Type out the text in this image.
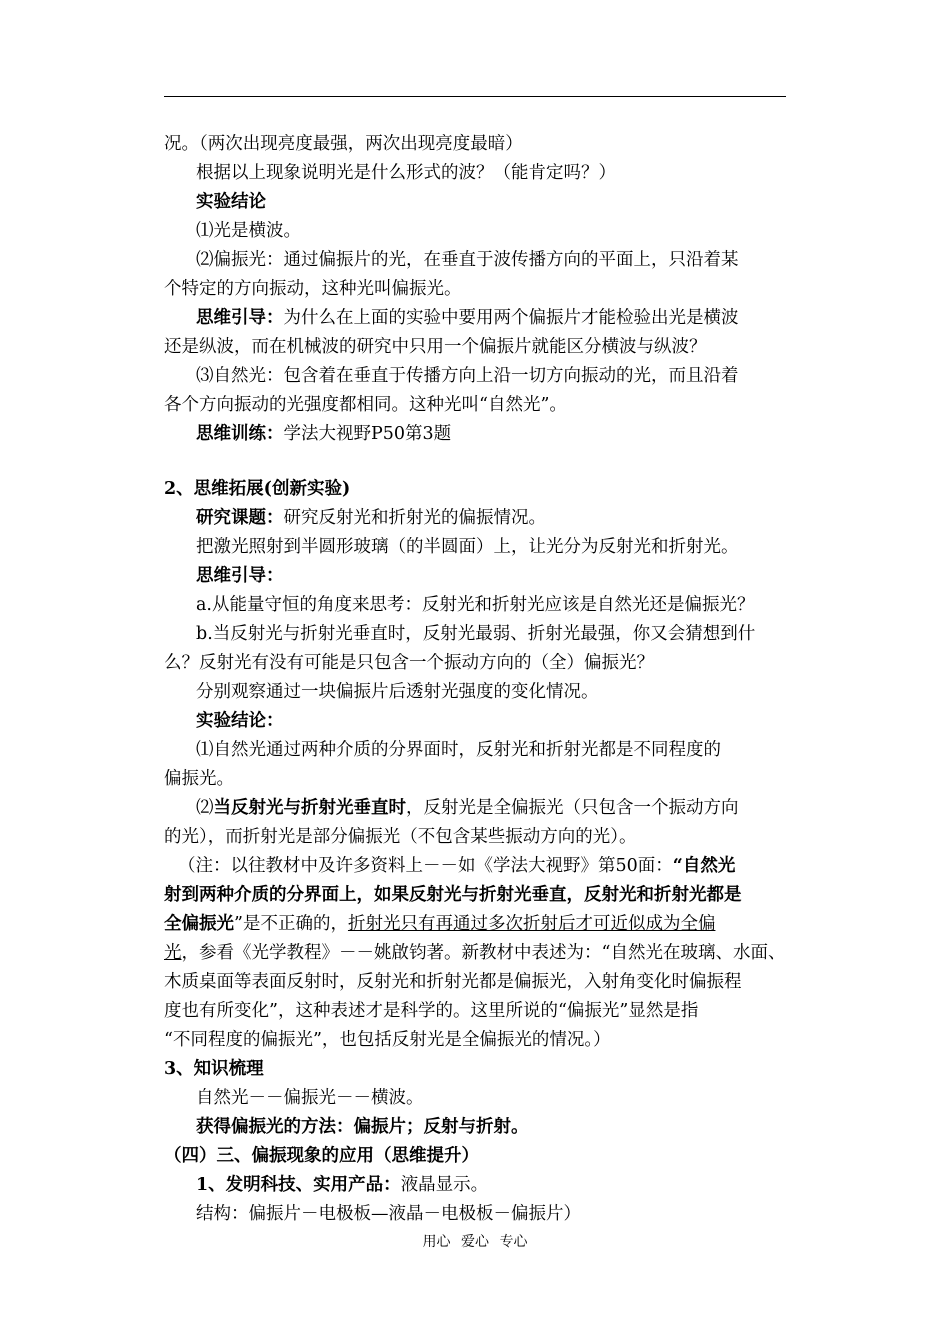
况。（两次出现亮度最强，两次出现亮度最暗）
根据以上现象说明光是什么形式的波？（能肯定吗？）
实验结论
⑴光是横波。
⑵偏振光：通过偏振片的光，在垂直于波传播方向的平面上，只沿着某
个特定的方向振动，这种光叫偏振光。
思维引导：为什么在上面的实验中要用两个偏振片才能检验出光是横波
还是纵波，而在机械波的研究中只用一个偏振片就能区分横波与纵波？
⑶自然光：包含着在垂直于传播方向上沿一切方向振动的光，而且沿着
各个方向振动的光强度都相同。这种光叫“自然光”。
思维训练：学法大视野P50第3题
2、思维拓展(创新实验)
研究课题：研究反射光和折射光的偏振情况。
把激光照射到半圆形玻璃（的半圆面）上，让光分为反射光和折射光。
思维引导：
a.从能量守恒的角度来思考：反射光和折射光应该是自然光还是偏振光？
b.当反射光与折射光垂直时，反射光最弱、折射光最强，你又会猜想到什
么？反射光有没有可能是只包含一个振动方向的（全）偏振光？
分别观察通过一块偏振片后透射光强度的变化情况。
实验结论：
⑴自然光通过两种介质的分界面时，反射光和折射光都是不同程度的
偏振光。
⑵当反射光与折射光垂直时，反射光是全偏振光（只包含一个振动方向
的光），而折射光是部分偏振光（不包含某些振动方向的光）。
（注：以往教材中及许多资料上－－如《学法大视野》第50面：“自然光
射到两种介质的分界面上，如果反射光与折射光垂直，反射光和折射光都是
全偏振光”是不正确的，折射光只有再通过多次折射后才可近似成为全偏
光，参看《光学教程》－－姚啟钧著。新教材中表述为：“自然光在玻璃、水面、
木质桌面等表面反射时，反射光和折射光都是偏振光，入射角变化时偏振程
度也有所变化”，这种表述才是科学的。这里所说的“偏振光”显然是指
“不同程度的偏振光”，也包括反射光是全偏振光的情况。）
3、知识梳理
自然光－－偏振光－－横波。
获得偏振光的方法：偏振片；反射与折射。
（四）三、偏振现象的应用（思维提升）
1、发明科技、实用产品：液晶显示。
结构：偏振片－电极板—液晶－电极板－偏振片）
用心 爱心 专心
